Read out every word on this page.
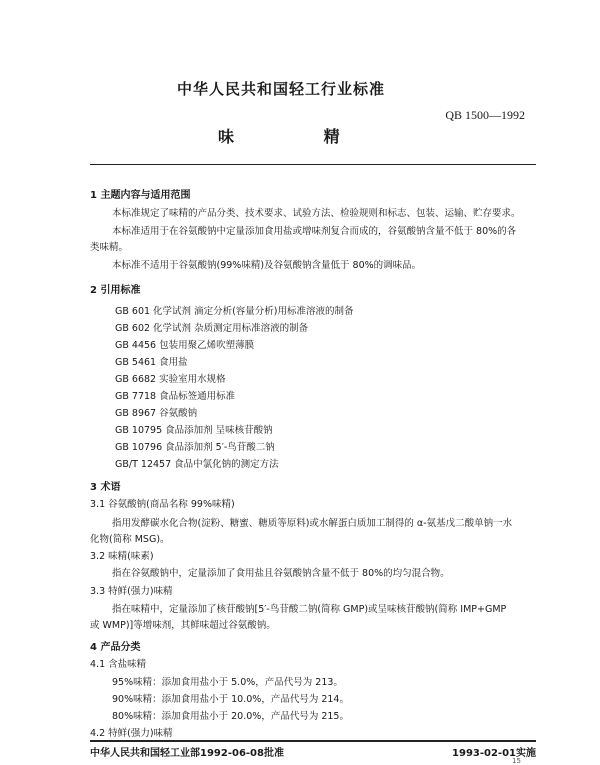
中华人民共和国轻工行业标准
QB 1500—1992
味 精
1 主题内容与适用范围
本标准规定了味精的产品分类、技术要求、试验方法、检验规则和标志、包装、运输、贮存要求。
本标准适用于在谷氨酸钠中定量添加食用盐或增味剂复合而成的，谷氨酸钠含量不低于 80%的各
类味精。
本标准不适用于谷氨酸钠(99%味精)及谷氨酸钠含量低于 80%的调味品。
2 引用标准
GB 601 化学试剂 滴定分析(容量分析)用标准溶液的制备
GB 602 化学试剂 杂质测定用标准溶液的制备
GB 4456 包装用聚乙烯吹塑薄膜
GB 5461 食用盐
GB 6682 实验室用水规格
GB 7718 食品标签通用标准
GB 8967 谷氨酸钠
GB 10795 食品添加剂 呈味核苷酸钠
GB 10796 食品添加剂 5′-鸟苷酸二钠
GB/T 12457 食品中氯化钠的测定方法
3 术语
3.1 谷氨酸钠(商品名称 99%味精)
指用发酵碳水化合物(淀粉、糖蜜、糖质等原料)或水解蛋白质加工制得的 α-氨基戊二酸单钠一水
化物(简称 MSG)。
3.2 味精(味素)
指在谷氨酸钠中，定量添加了食用盐且谷氨酸钠含量不低于 80%的均匀混合物。
3.3 特鲜(强力)味精
指在味精中，定量添加了核苷酸钠[5′-鸟苷酸二钠(简称 GMP)或呈味核苷酸钠(简称 IMP+GMP
或 WMP)]等增味剂，其鲜味超过谷氨酸钠。
4 产品分类
4.1 含盐味精
95%味精：添加食用盐小于 5.0%，产品代号为 213。
90%味精：添加食用盐小于 10.0%，产品代号为 214。
80%味精：添加食用盐小于 20.0%，产品代号为 215。
4.2 特鲜(强力)味精
中华人民共和国轻工业部1992-06-08批准	1993-02-01实施
15
